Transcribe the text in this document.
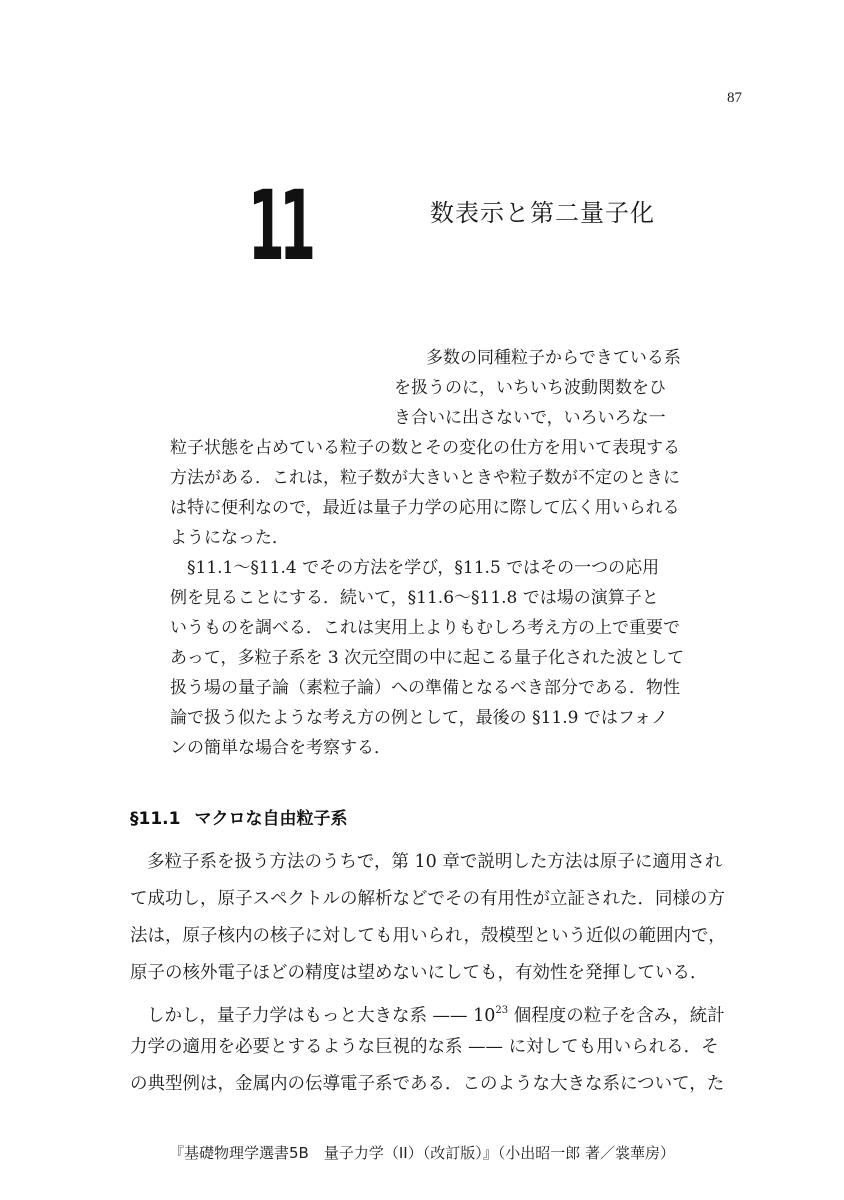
87
11	数表示と第二量子化
多数の同種粒子からできている系
を扱うのに，いちいち波動関数をひ
き合いに出さないで，いろいろな一
粒子状態を占めている粒子の数とその変化の仕方を用いて表現する
方法がある．これは，粒子数が大きいときや粒子数が不定のときに
は特に便利なので，最近は量子力学の応用に際して広く用いられる
ようになった．
§11.1～§11.4 でその方法を学び，§11.5 ではその一つの応用
例を見ることにする．続いて，§11.6～§11.8 では場の演算子と
いうものを調べる．これは実用上よりもむしろ考え方の上で重要で
あって，多粒子系を 3 次元空間の中に起こる量子化された波として
扱う場の量子論（素粒子論）への準備となるべき部分である．物性
論で扱う似たような考え方の例として，最後の §11.9 ではフォノ
ンの簡単な場合を考察する．
§11.1 マクロな自由粒子系
多粒子系を扱う方法のうちで，第 10 章で説明した方法は原子に適用され
て成功し，原子スペクトルの解析などでその有用性が立証された．同様の方
法は，原子核内の核子に対しても用いられ，殻模型という近似の範囲内で，
原子の核外電子ほどの精度は望めないにしても，有効性を発揮している．
しかし，量子力学はもっと大きな系 —— $10^{23}$ 個程度の粒子を含み，統計
力学の適用を必要とするような巨視的な系 —— に対しても用いられる．そ
の典型例は，金属内の伝導電子系である．このような大きな系について，た
『基礎物理学選書5B　量子力学（II）（改訂版）』（小出昭一郎 著／裳華房）
